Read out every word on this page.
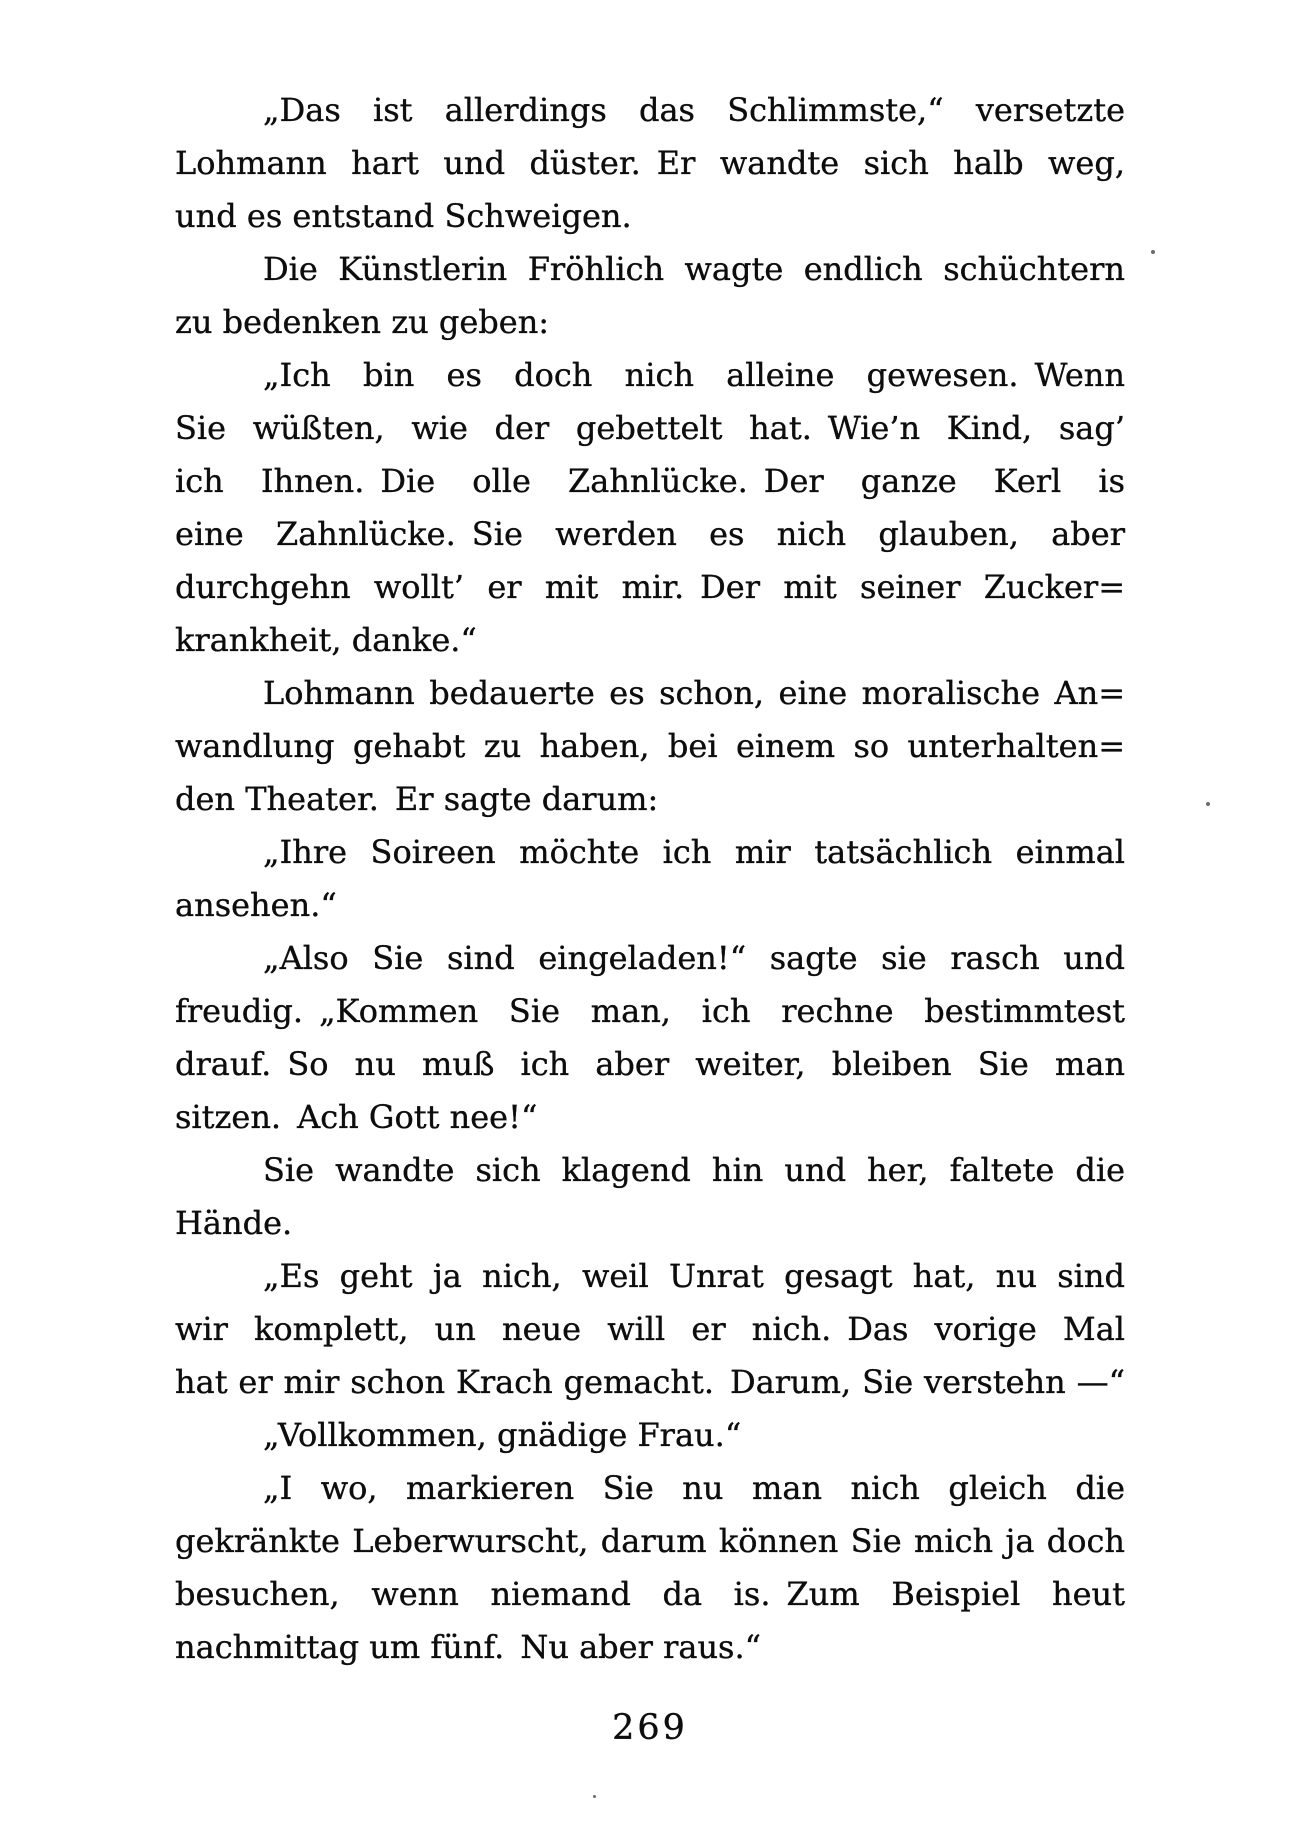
„Das ist allerdings das Schlimmste,“ versetzte
Lohmann hart und düster. Er wandte sich halb weg,
und es entstand Schweigen.
Die Künstlerin Fröhlich wagte endlich schüchtern
zu bedenken zu geben:
„Ich bin es doch nich alleine gewesen. Wenn
Sie wüßten, wie der gebettelt hat. Wie’n Kind, sag’
ich Ihnen. Die olle Zahnlücke. Der ganze Kerl is
eine Zahnlücke. Sie werden es nich glauben, aber
durchgehn wollt’ er mit mir. Der mit seiner Zucker=
krankheit, danke.“
Lohmann bedauerte es schon, eine moralische An=
wandlung gehabt zu haben, bei einem so unterhalten=
den Theater. Er sagte darum:
„Ihre Soireen möchte ich mir tatsächlich einmal
ansehen.“
„Also Sie sind eingeladen!“ sagte sie rasch und
freudig. „Kommen Sie man, ich rechne bestimmtest
drauf. So nu muß ich aber weiter, bleiben Sie man
sitzen. Ach Gott nee!“
Sie wandte sich klagend hin und her, faltete die
Hände.
„Es geht ja nich, weil Unrat gesagt hat, nu sind
wir komplett, un neue will er nich. Das vorige Mal
hat er mir schon Krach gemacht. Darum, Sie verstehn —“
„Vollkommen, gnädige Frau.“
„I wo, markieren Sie nu man nich gleich die
gekränkte Leberwurscht, darum können Sie mich ja doch
besuchen, wenn niemand da is. Zum Beispiel heut
nachmittag um fünf. Nu aber raus.“
269
